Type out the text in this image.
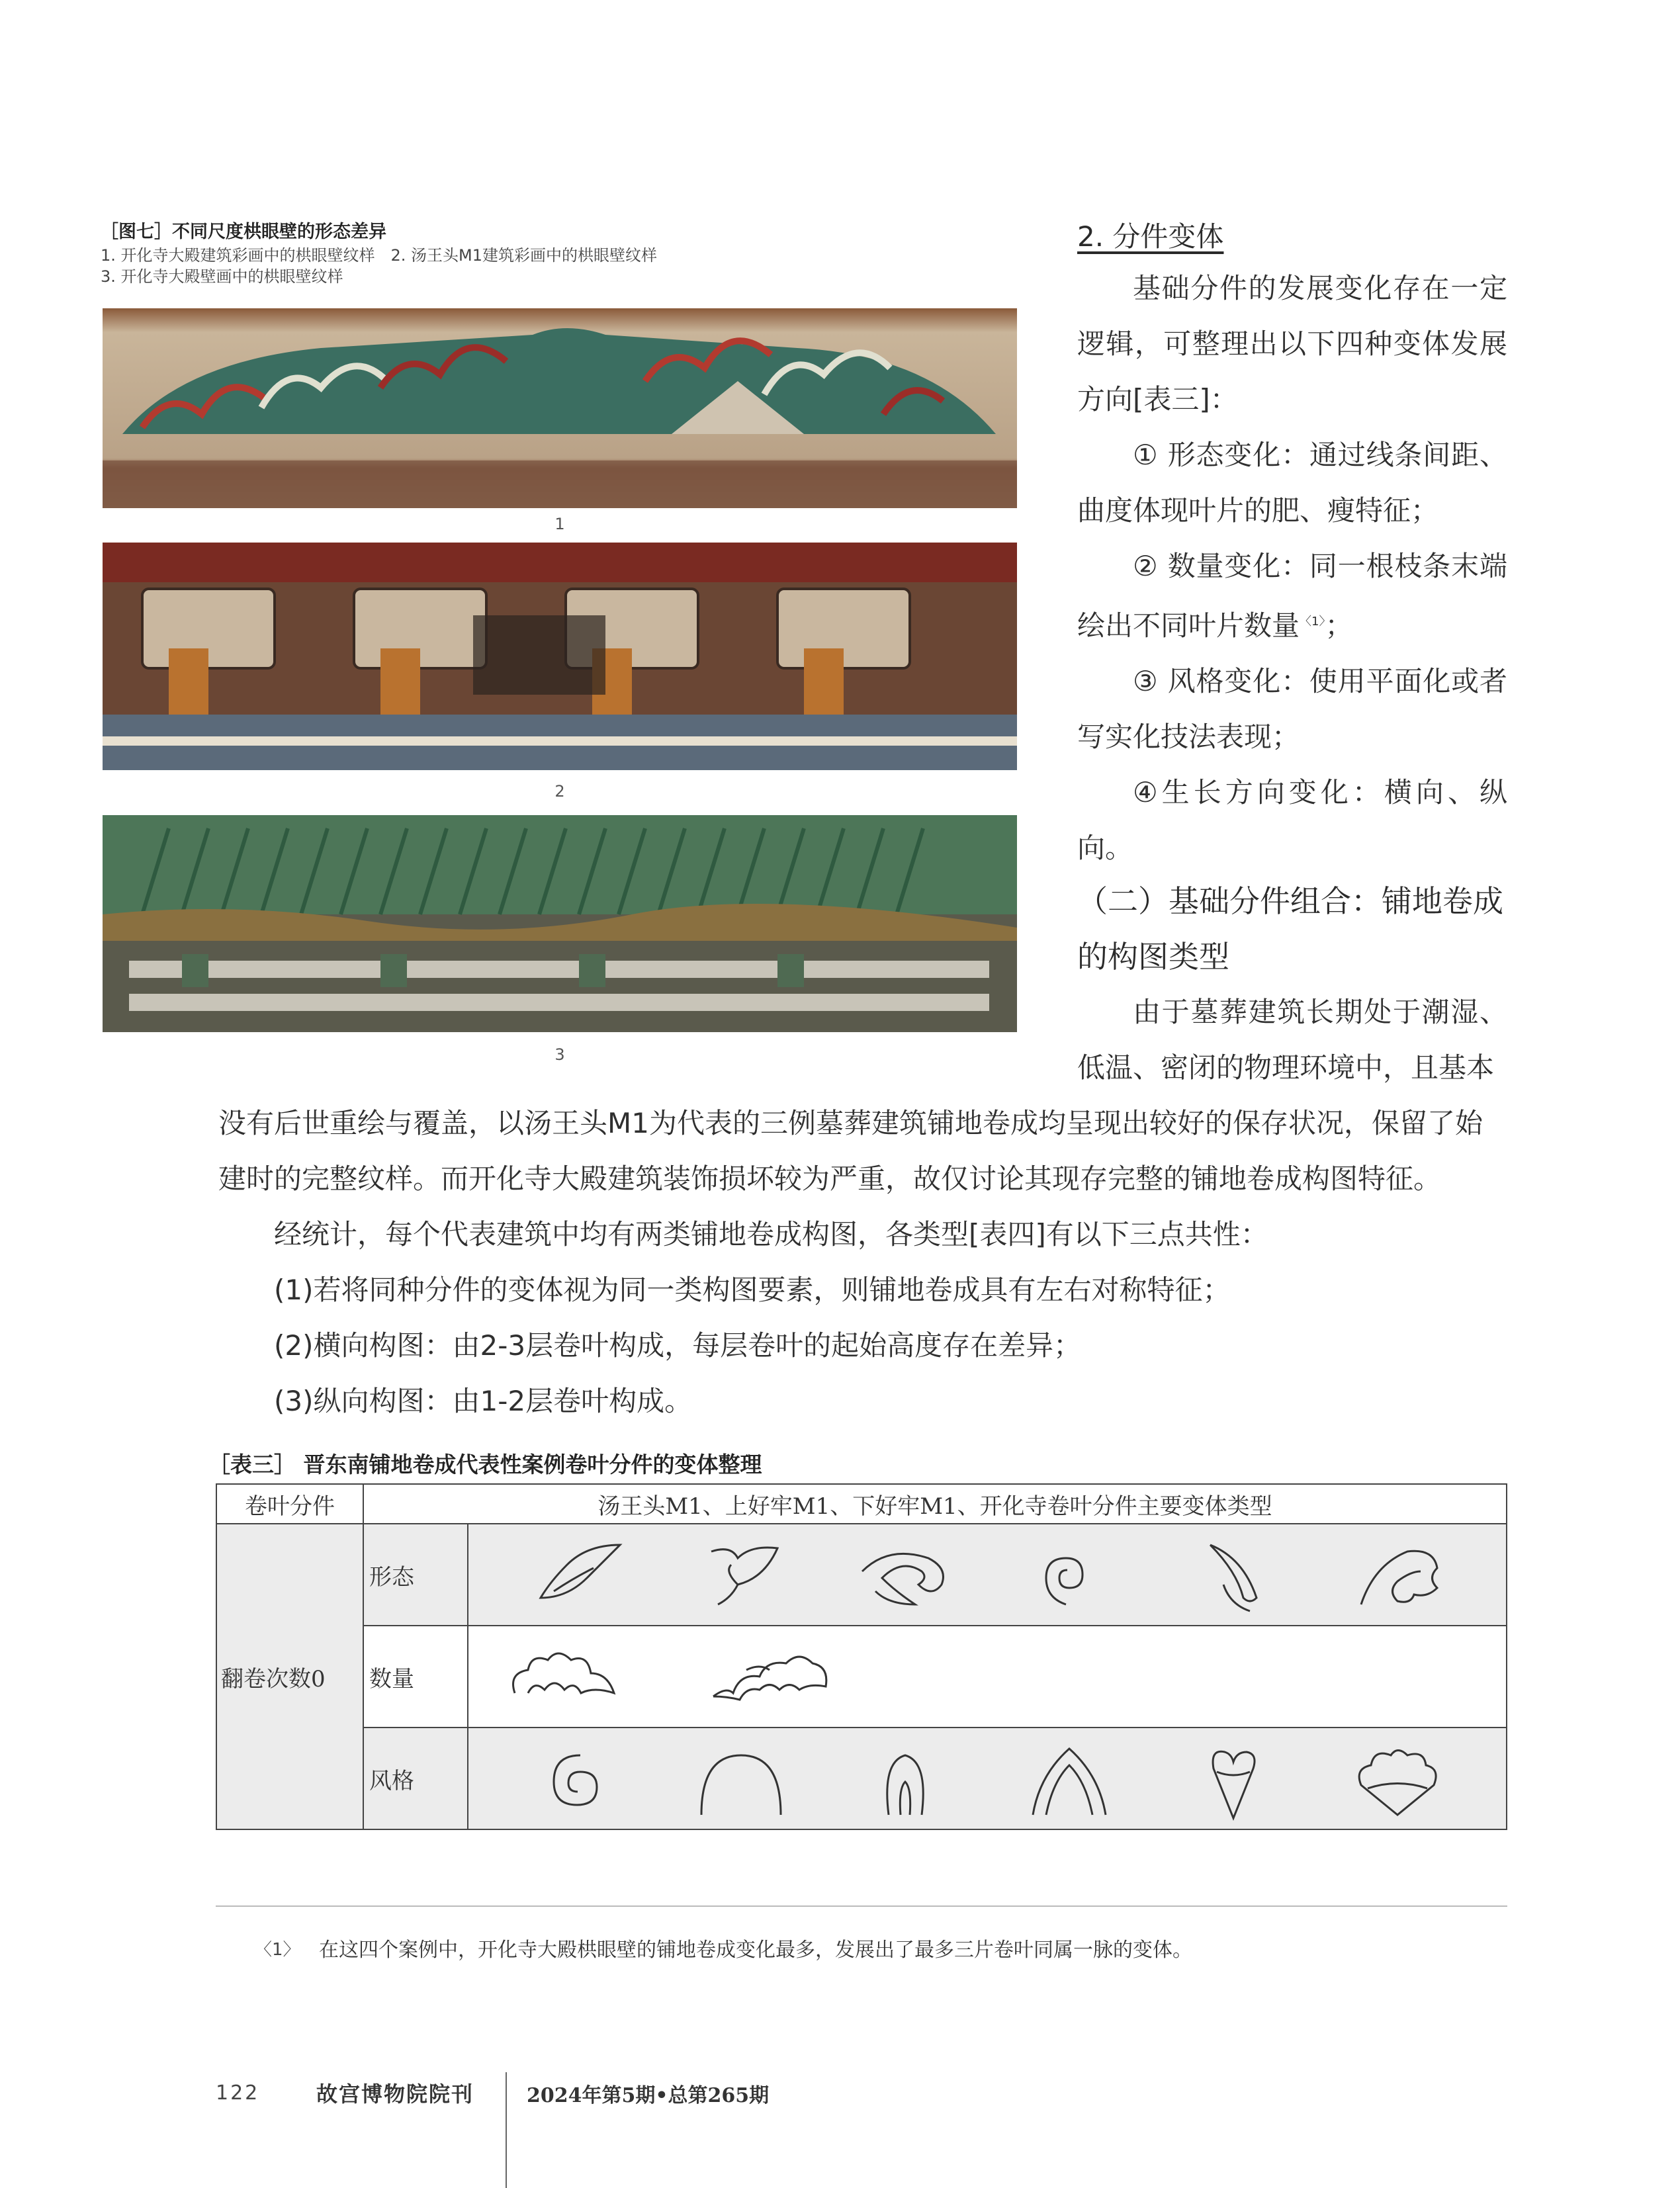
［图七］不同尺度栱眼壁的形态差异
1. 开化寺大殿建筑彩画中的栱眼壁纹样　2. 汤王头M1建筑彩画中的栱眼壁纹样
3. 开化寺大殿壁画中的栱眼壁纹样
1
2
3
2. 分件变体

基础分件的发展变化存在一定逻辑，可整理出以下四种变体发展方向[表三]：

① 形态变化：通过线条间距、曲度体现叶片的肥、瘦特征；

② 数量变化：同一根枝条末端绘出不同叶片数量$^{〈1〉}$；

③ 风格变化：使用平面化或者写实化技法表现；

④生长方向变化：横向、纵向。

（二）基础分件组合：铺地卷成的构图类型

由于墓葬建筑长期处于潮湿、低温、密闭的物理环境中，且基本

没有后世重绘与覆盖，以汤王头M1为代表的三例墓葬建筑铺地卷成均呈现出较好的保存状况，保留了始建时的完整纹样。而开化寺大殿建筑装饰损坏较为严重，故仅讨论其现存完整的铺地卷成构图特征。

经统计，每个代表建筑中均有两类铺地卷成构图，各类型[表四]有以下三点共性：

(1)若将同种分件的变体视为同一类构图要素，则铺地卷成具有左右对称特征；

(2)横向构图：由2-3层卷叶构成，每层卷叶的起始高度存在差异；

(3)纵向构图：由1-2层卷叶构成。

［表三］ 晋东南铺地卷成代表性案例卷叶分件的变体整理
卷叶分件	汤王头M1、上好牢M1、下好牢M1、开化寺卷叶分件主要变体类型	
翻卷次数0	形态	

	数量	

	风格	
〈1〉 在这四个案例中，开化寺大殿栱眼壁的铺地卷成变化最多，发展出了最多三片卷叶同属一脉的变体。
122	故宫博物院院刊	2024年第5期•总第265期
